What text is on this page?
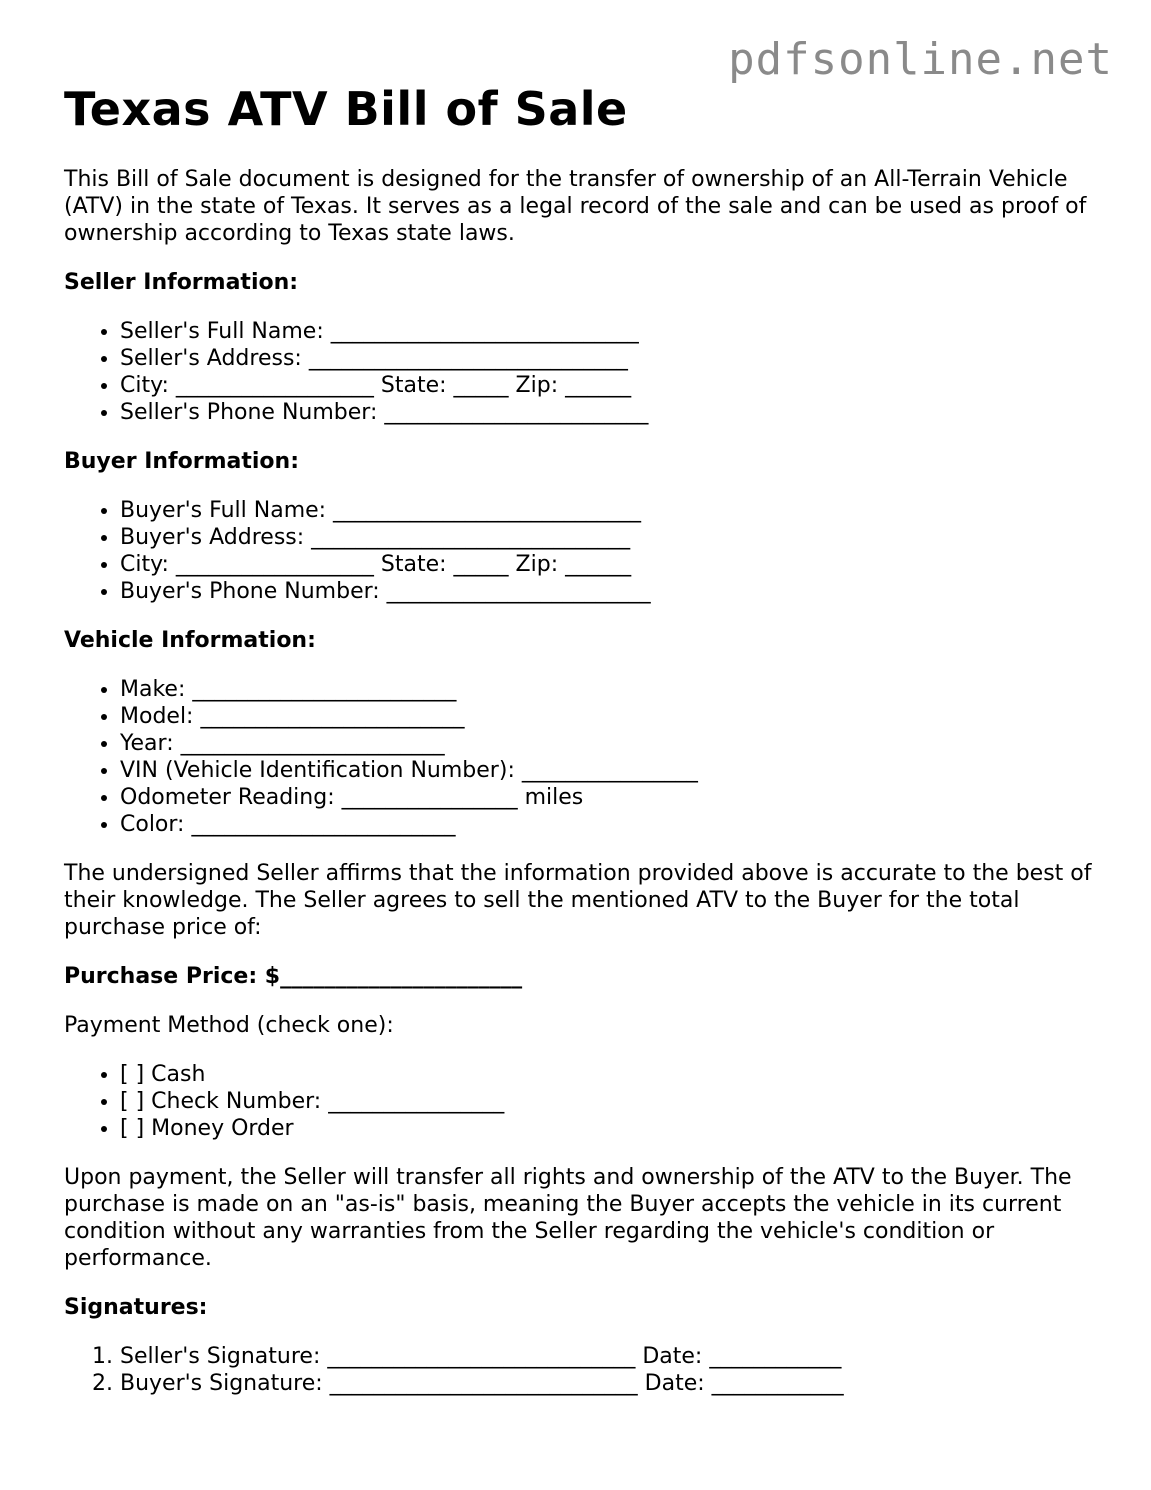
pdfsonline.net
Texas ATV Bill of Sale

This Bill of Sale document is designed for the transfer of ownership of an All-Terrain Vehicle (ATV) in the state of Texas. It serves as a legal record of the sale and can be used as proof of ownership according to Texas state laws.

Seller Information:

• Seller's Full Name: ____________________________
• Seller's Address: _____________________________
• City: __________________ State: _____ Zip: ______
• Seller's Phone Number: ________________________

Buyer Information:

• Buyer's Full Name: ____________________________
• Buyer's Address: _____________________________
• City: __________________ State: _____ Zip: ______
• Buyer's Phone Number: ________________________

Vehicle Information:

• Make: ________________________
• Model: ________________________
• Year: ________________________
• VIN (Vehicle Identification Number): ________________
• Odometer Reading: ________________ miles
• Color: ________________________

The undersigned Seller affirms that the information provided above is accurate to the best of their knowledge. The Seller agrees to sell the mentioned ATV to the Buyer for the total purchase price of:

Purchase Price: $______________________

Payment Method (check one):

• [ ] Cash
• [ ] Check Number: ________________
• [ ] Money Order

Upon payment, the Seller will transfer all rights and ownership of the ATV to the Buyer. The purchase is made on an "as-is" basis, meaning the Buyer accepts the vehicle in its current condition without any warranties from the Seller regarding the vehicle's condition or performance.

Signatures:

1. Seller's Signature: ____________________________ Date: ____________
2. Buyer's Signature: ____________________________ Date: ____________
